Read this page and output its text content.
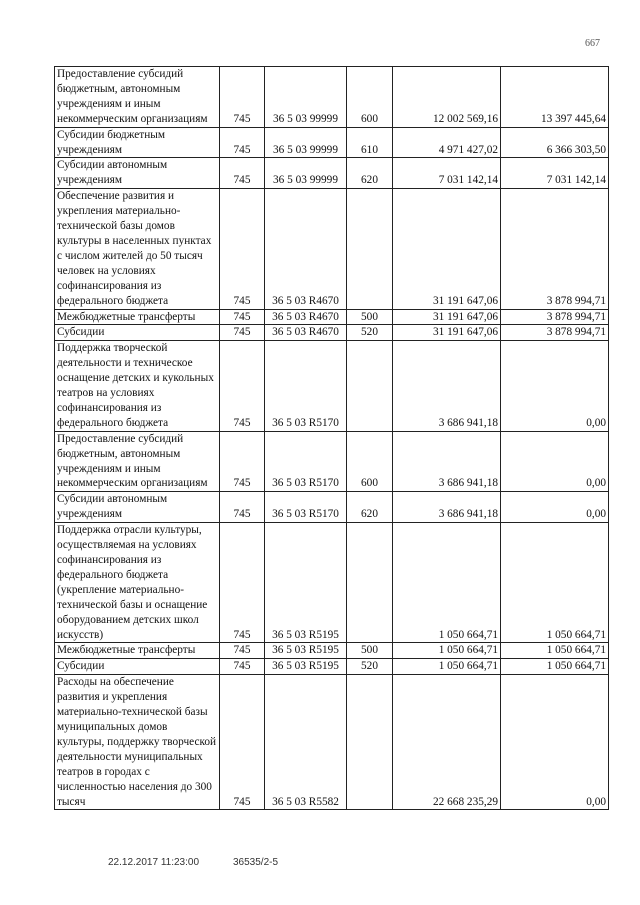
667
Предоставление субсидий бюджетным, автономным учреждениям и иным некоммерческим организациям	745	36 5 03 99999	600	12 002 569,16	13 397 445,64
Субсидии бюджетным учреждениям	745	36 5 03 99999	610	4 971 427,02	6 366 303,50
Субсидии автономным учреждениям	745	36 5 03 99999	620	7 031 142,14	7 031 142,14
Обеспечение развития и укрепления материально-технической базы домов культуры в населенных пунктах с числом жителей до 50 тысяч человек на условиях софинансирования из федерального бюджета	745	36 5 03 R4670		31 191 647,06	3 878 994,71
Межбюджетные трансферты	745	36 5 03 R4670	500	31 191 647,06	3 878 994,71
Субсидии	745	36 5 03 R4670	520	31 191 647,06	3 878 994,71
Поддержка творческой деятельности и техническое оснащение детских и кукольных театров на условиях софинансирования из федерального бюджета	745	36 5 03 R5170		3 686 941,18	0,00
Предоставление субсидий бюджетным, автономным учреждениям и иным некоммерческим организациям	745	36 5 03 R5170	600	3 686 941,18	0,00
Субсидии автономным учреждениям	745	36 5 03 R5170	620	3 686 941,18	0,00
Поддержка отрасли культуры, осуществляемая на условиях софинансирования из федерального бюджета (укрепление материально-технической базы и оснащение оборудованием детских школ искусств)	745	36 5 03 R5195		1 050 664,71	1 050 664,71
Межбюджетные трансферты	745	36 5 03 R5195	500	1 050 664,71	1 050 664,71
Субсидии	745	36 5 03 R5195	520	1 050 664,71	1 050 664,71
Расходы на обеспечение развития и укрепления материально-технической базы муниципальных домов культуры, поддержку творческой деятельности муниципальных театров в городах с численностью населения до 300 тысяч	745	36 5 03 R5582		22 668 235,29	0,00
22.12.2017 11:23:00	36535/2-5
